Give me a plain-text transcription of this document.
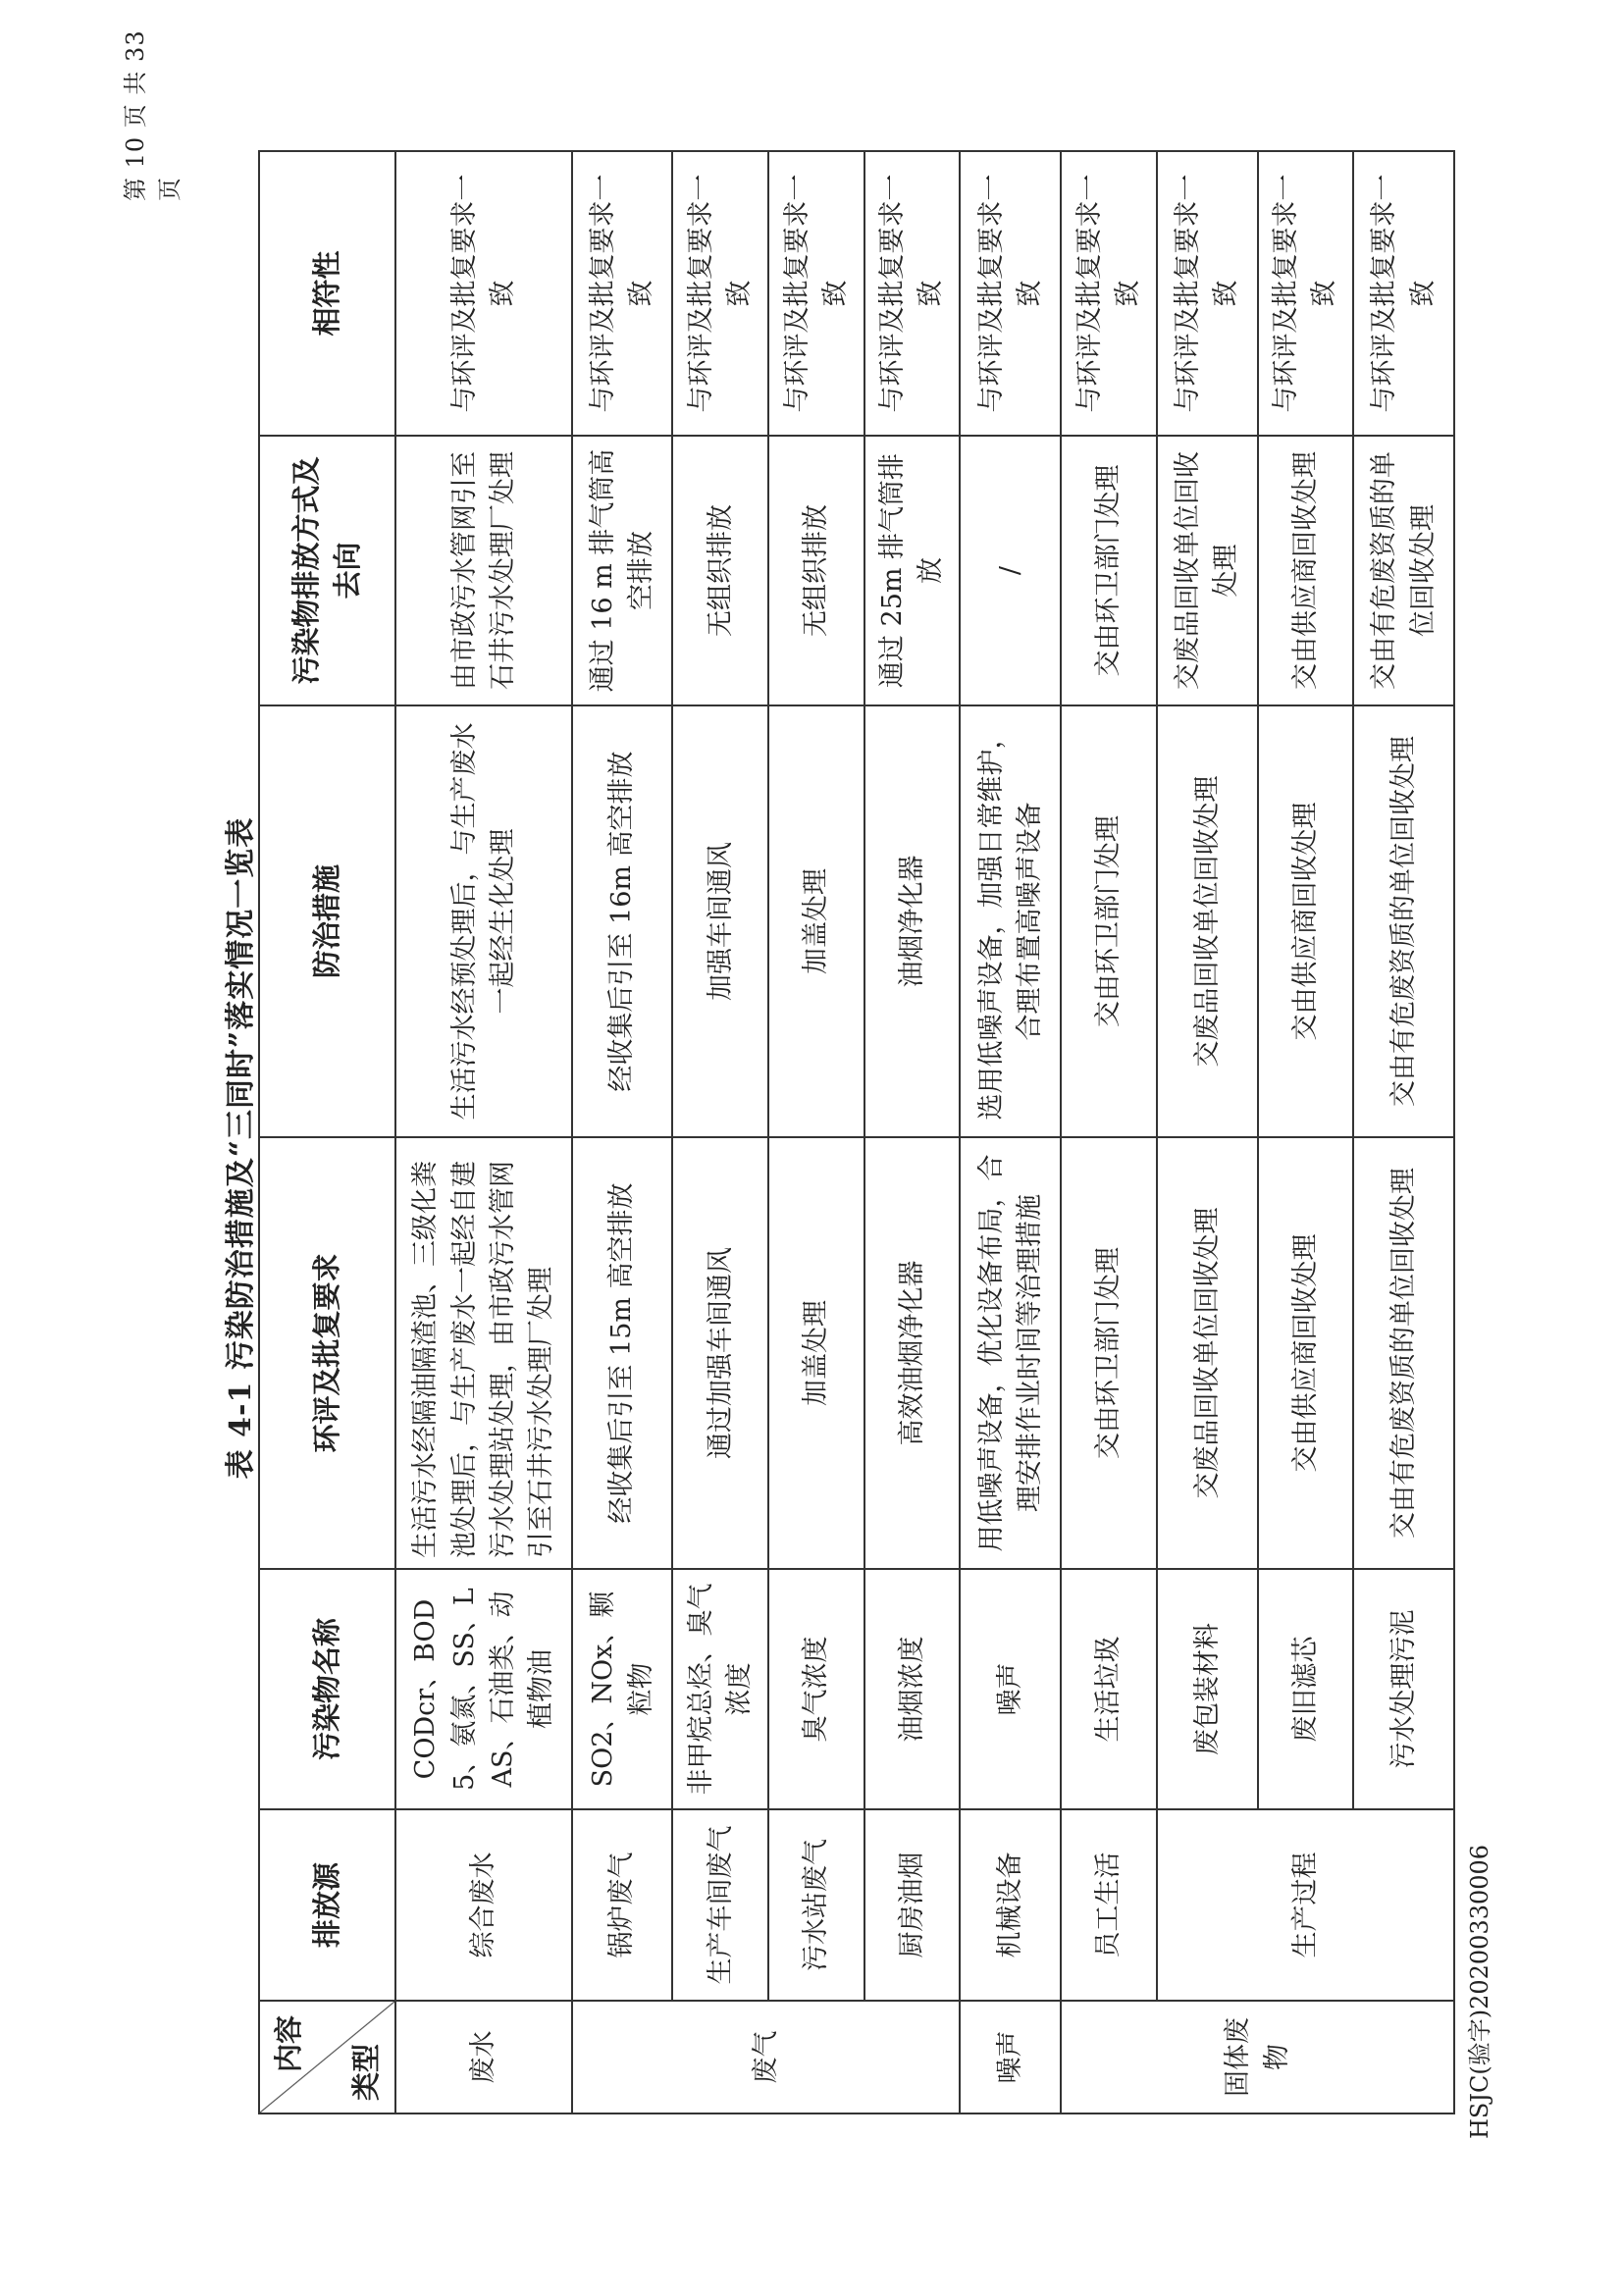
HSJC(验字)20200330006
第 10 页 共 33 页
表 4-1 污染防治措施及“三同时”落实情况一览表
内容 类型	排放源	污染物名称	环评及批复要求	防治措施	污染物排放方式及去向	相符性
废水	综合废水	CODcr、BOD5、氨氮、SS、LAS、石油类、动植物油	生活污水经隔油隔渣池、三级化粪池处理后，与生产废水一起经自建污水处理站处理，由市政污水管网引至石井污水处理厂处理	生活污水经预处理后，与生产废水一起经生化处理	由市政污水管网引至石井污水处理厂处理	与环评及批复要求一致
废气	锅炉废气	SO2、NOx、颗粒物	经收集后引至 15m 高空排放	经收集后引至 16m 高空排放	通过 16 m 排气筒高空排放	与环评及批复要求一致
	生产车间废气	非甲烷总烃、臭气浓度	通过加强车间通风	加强车间通风	无组织排放	与环评及批复要求一致
	污水站废气	臭气浓度	加盖处理	加盖处理	无组织排放	与环评及批复要求一致
	厨房油烟	油烟浓度	高效油烟净化器	油烟净化器	通过 25m 排气筒排放	与环评及批复要求一致
噪声	机械设备	噪声	用低噪声设备，优化设备布局，合理安排作业时间等治理措施	选用低噪声设备，加强日常维护，合理布置高噪声设备	/	与环评及批复要求一致
固体废物	员工生活	生活垃圾	交由环卫部门处理	交由环卫部门处理	交由环卫部门处理	与环评及批复要求一致
	生产过程	废包装材料	交废品回收单位回收处理	交废品回收单位回收处理	交废品回收单位回收处理	与环评及批复要求一致
		废旧滤芯	交由供应商回收处理	交由供应商回收处理	交由供应商回收处理	与环评及批复要求一致
		污水处理污泥	交由有危废资质的单位回收处理	交由有危废资质的单位回收处理	交由有危废资质的单位回收处理	与环评及批复要求一致
